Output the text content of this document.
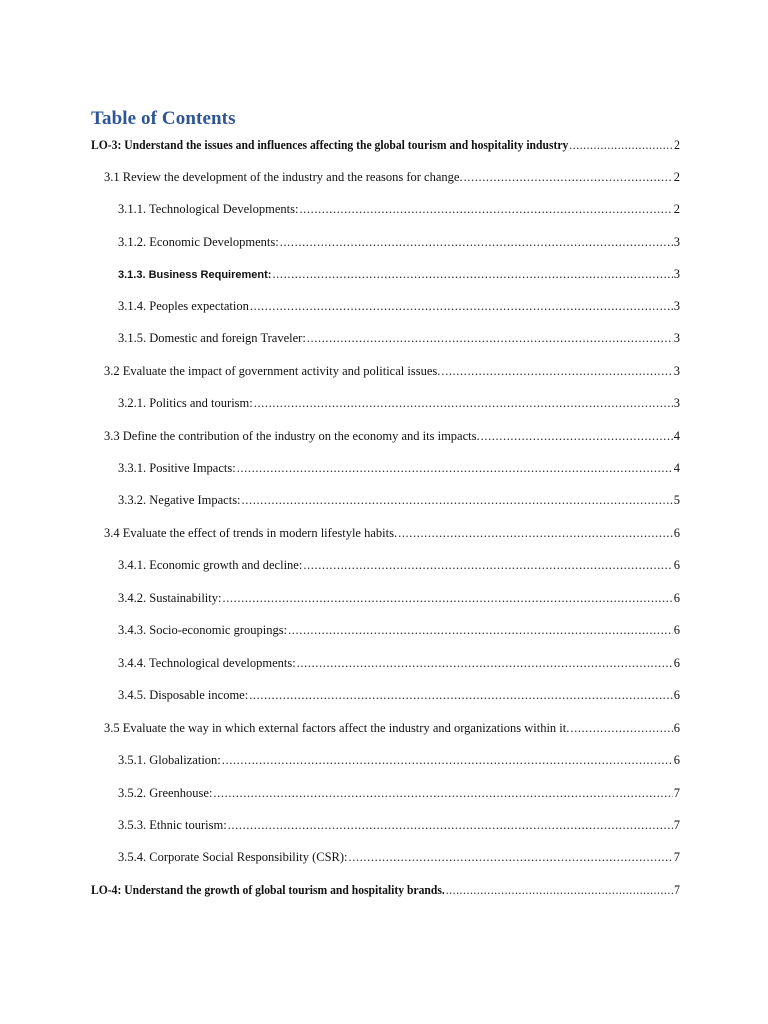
Table of Contents
LO-3: Understand the issues and influences affecting the global tourism and hospitality industry .....	2
3.1 Review the development of the industry and the reasons for change. .....	2
3.1.1. Technological Developments: .....	2
3.1.2. Economic Developments: .....	3
3.1.3. Business Requirement: .....	3
3.1.4. Peoples expectation .....	3
3.1.5. Domestic and foreign Traveler: .....	3
3.2 Evaluate the impact of government activity and political issues. .....	3
3.2.1. Politics and tourism: .....	3
3.3 Define the contribution of the industry on the economy and its impacts. .....	4
3.3.1. Positive Impacts: .....	4
3.3.2. Negative Impacts: .....	5
3.4 Evaluate the effect of trends in modern lifestyle habits. .....	6
3.4.1. Economic growth and decline: .....	6
3.4.2. Sustainability: .....	6
3.4.3. Socio-economic groupings: .....	6
3.4.4. Technological developments: .....	6
3.4.5. Disposable income: .....	6
3.5 Evaluate the way in which external factors affect the industry and organizations within it. .....	6
3.5.1. Globalization: .....	6
3.5.2. Greenhouse: .....	7
3.5.3. Ethnic tourism: .....	7
3.5.4. Corporate Social Responsibility (CSR): .....	7
LO-4: Understand the growth of global tourism and hospitality brands. .....	7
